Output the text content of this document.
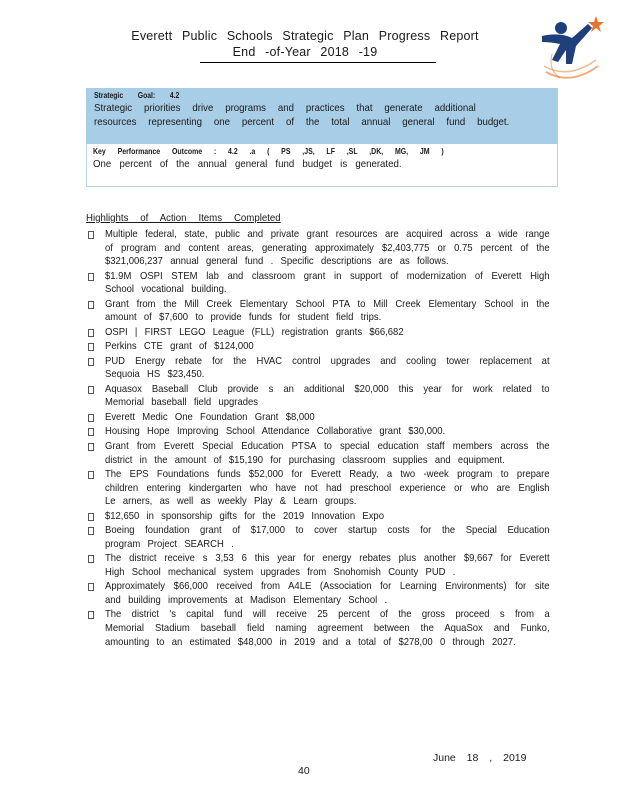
Everett Public Schools Strategic Plan Progress Report
End -of-Year 2018 -19
Strategic Goal: 4.2
Strategic priorities drive programs and practices that generate additional resources representing one percent of the total annual general fund budget.
Key Performance Outcome : 4.2 .a ( PS ,JS, LF ,SL ,DK, MG, JM )
One percent of the annual general fund budget is generated.
Highlights of Action Items Completed
Multiple federal, state, public and private grant resources are acquired across a wide range of program and content areas, generating approximately $2,403,775 or 0.75 percent of the $321,006,237 annual general fund . Specific descriptions are as follows.
$1.9M OSPI STEM lab and classroom grant in support of modernization of Everett High School vocational building.
Grant from the Mill Creek Elementary School PTA to Mill Creek Elementary School in the amount of $7,600 to provide funds for student field trips.
OSPI | FIRST LEGO League (FLL) registration grants $66,682
Perkins CTE grant of $124,000
PUD Energy rebate for the HVAC control upgrades and cooling tower replacement at Sequoia HS $23,450.
Aquasox Baseball Club provide s an additional $20,000 this year for work related to Memorial baseball field upgrades
Everett Medic One Foundation Grant $8,000
Housing Hope Improving School Attendance Collaborative grant $30,000.
Grant from Everett Special Education PTSA to special education staff members across the district in the amount of $15,190 for purchasing classroom supplies and equipment.
The EPS Foundations funds $52,000 for Everett Ready, a two -week program to prepare children entering kindergarten who have not had preschool experience or who are English Le arners, as well as weekly Play & Learn groups.
$12,650 in sponsorship gifts for the 2019 Innovation Expo
Boeing foundation grant of $17,000 to cover startup costs for the Special Education program Project SEARCH .
The district receive s 3,53 6 this year for energy rebates plus another $9,667 for Everett High School mechanical system upgrades from Snohomish County PUD .
Approximately $66,000 received from A4LE (Association for Learning Environments) for site and building improvements at Madison Elementary School .
The district 's capital fund will receive 25 percent of the gross proceed s from a Memorial Stadium baseball field naming agreement between the AquaSox and Funko, amounting to an estimated $48,000 in 2019 and a total of $278,00 0 through 2027.
June 18 , 2019
40
